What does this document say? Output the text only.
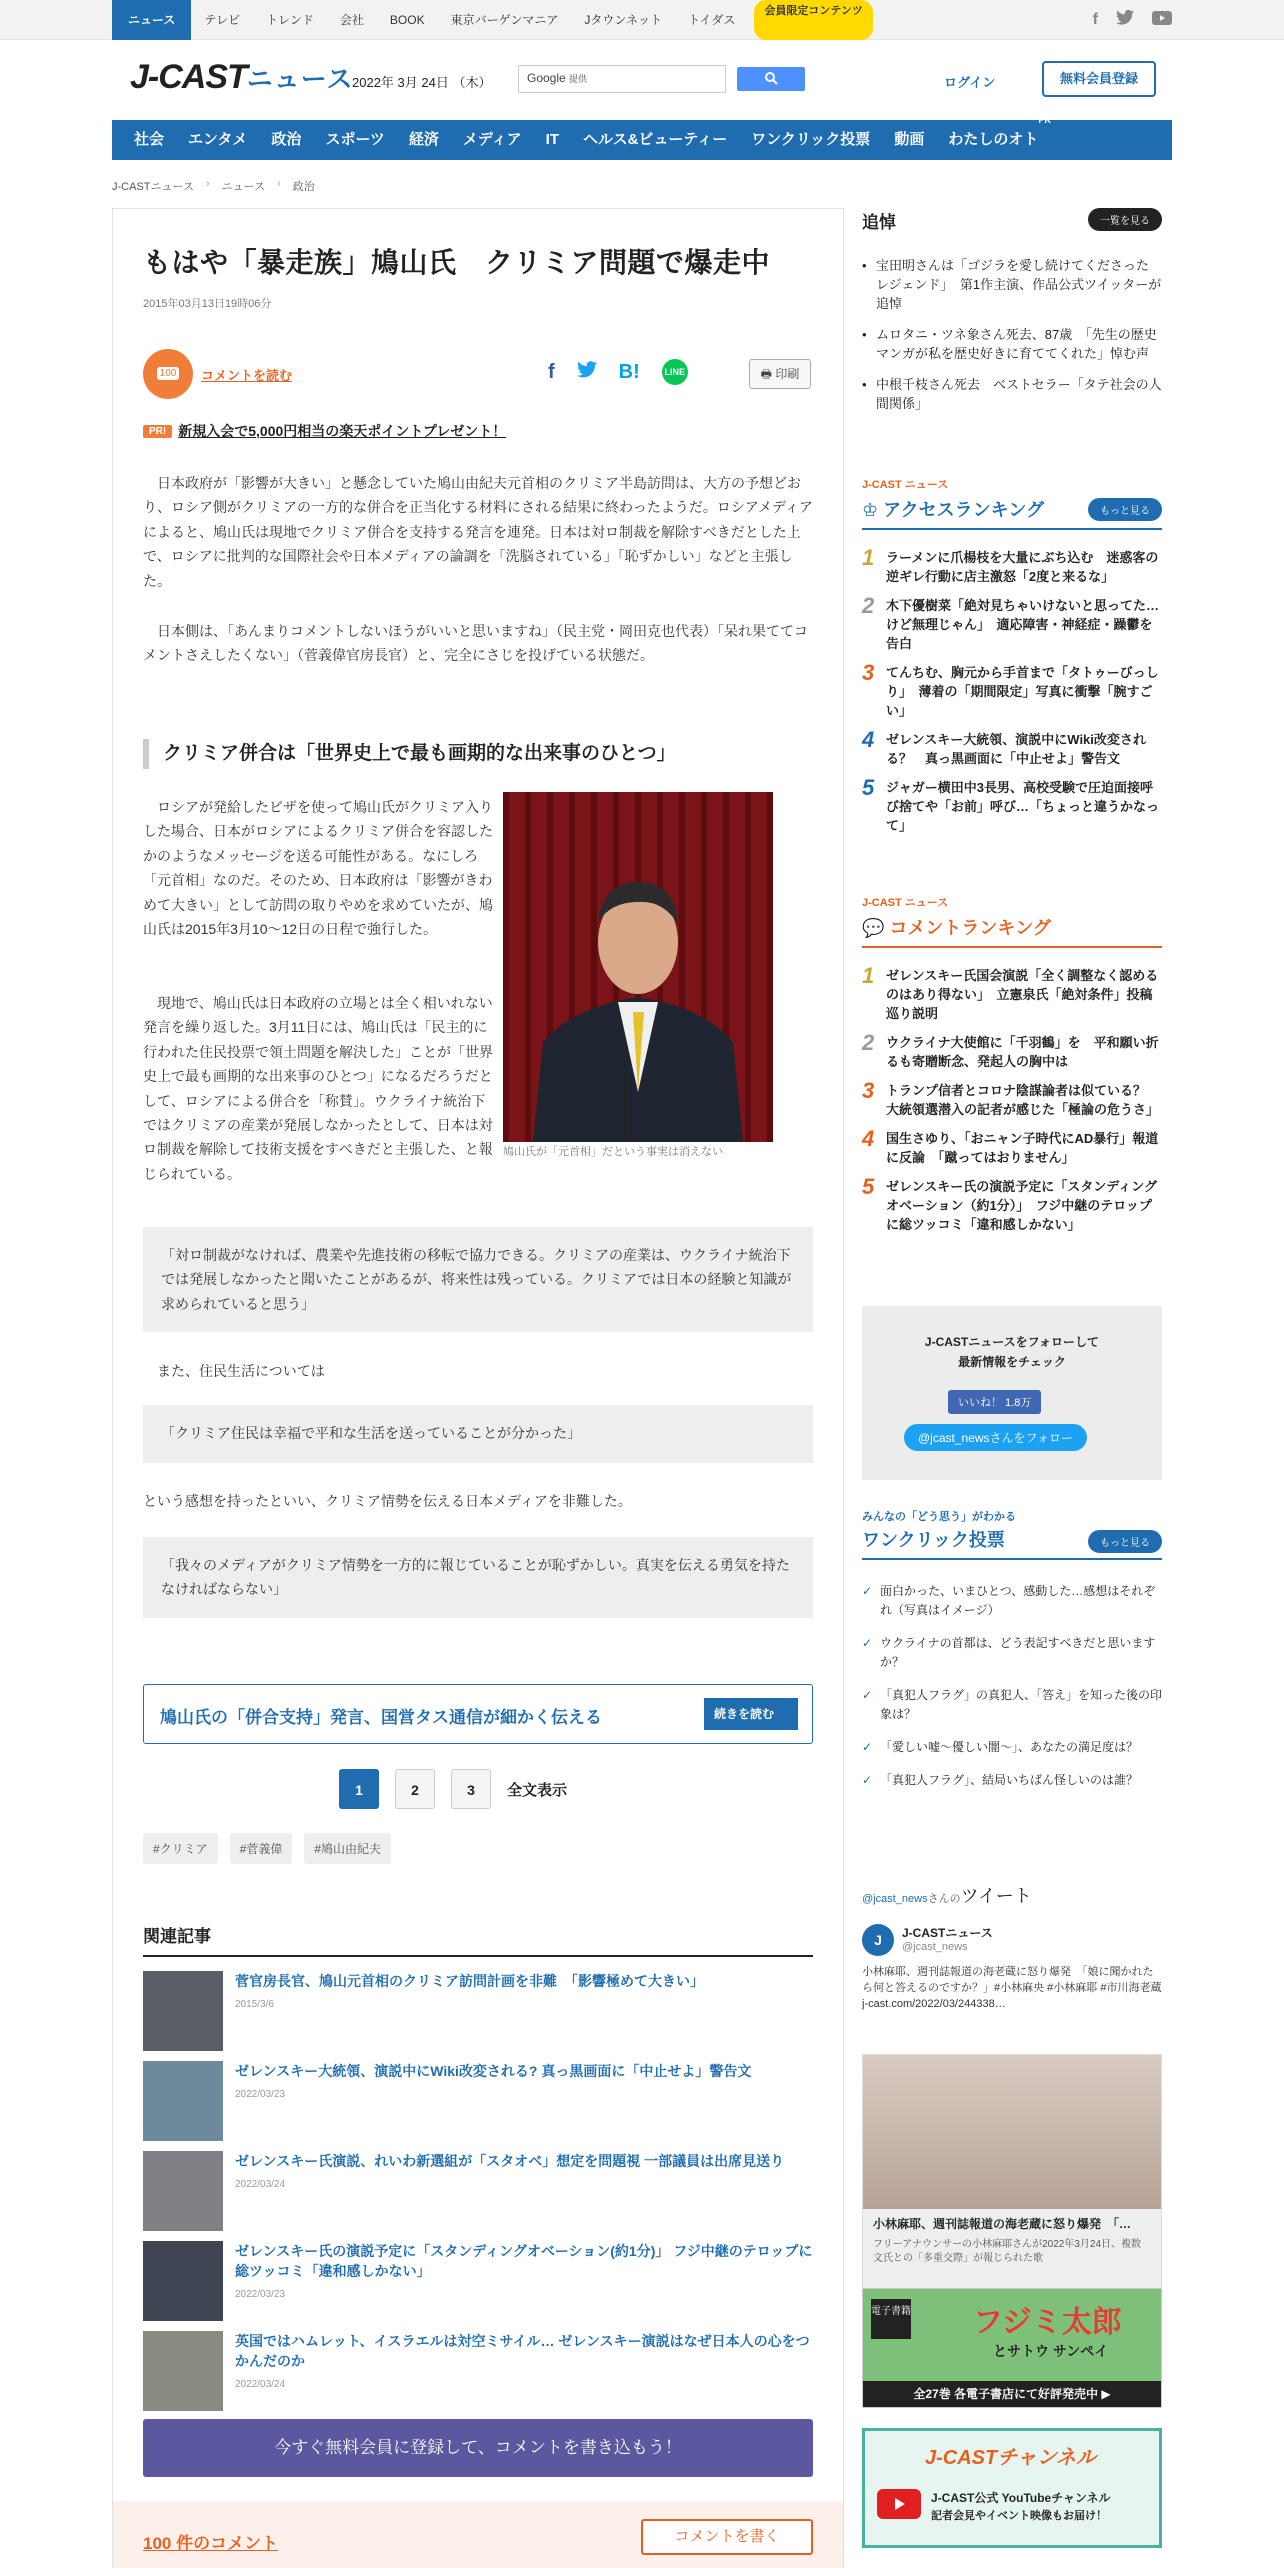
ニュース	テレビ	トレンド	会社	BOOK	東京バーゲンマニア	Jタウンネット	トイダス
会員限定コンテンツ	f
J-CASTニュース
2022年 3月 24日 （木）	Google 提供	ログイン	無料会員登録
社会	エンタメ	政治	スポーツ	経済	メディア	IT	ヘルス&ビューティー	ワンクリック投票	動画	わたしのオト$^{PR}$
J-CASTニュース › ニュース › 政治
もはや「暴走族」鳩山氏　クリミア問題で爆走中
2015年03月13日19時06分
100	コメントを読む	f	B!	LINE	🖶 印刷
PR! 新規入会で5,000円相当の楽天ポイントプレゼント！

日本政府が「影響が大きい」と懸念していた鳩山由紀夫元首相のクリミア半島訪問は、大方の予想どおり、ロシア側がクリミアの一方的な併合を正当化する材料にされる結果に終わったようだ。ロシアメディアによると、鳩山氏は現地でクリミア併合を支持する発言を連発。日本は対ロ制裁を解除すべきだとした上で、ロシアに批判的な国際社会や日本メディアの論調を「洗脳されている」「恥ずかしい」などと主張した。

日本側は、「あんまりコメントしないほうがいいと思いますね」（民主党・岡田克也代表）「呆れ果ててコメントさえしたくない」（菅義偉官房長官）と、完全にさじを投げている状態だ。

クリミア併合は「世界史上で最も画期的な出来事のひとつ」

ロシアが発給したビザを使って鳩山氏がクリミア入りした場合、日本がロシアによるクリミア併合を容認したかのようなメッセージを送る可能性がある。なにしろ「元首相」なのだ。そのため、日本政府は「影響がきわめて大きい」として訪問の取りやめを求めていたが、鳩山氏は2015年3月10～12日の日程で強行した。

現地で、鳩山氏は日本政府の立場とは全く相いれない発言を繰り返した。3月11日には、鳩山氏は「民主的に行われた住民投票で領土問題を解決した」ことが「世界史上で最も画期的な出来事のひとつ」になるだろうだとして、ロシアによる併合を「称賛」。ウクライナ統治下ではクリミアの産業が発展しなかったとして、日本は対ロ制裁を解除して技術支援をすべきだと主張した、と報じられている。

鳩山氏が「元首相」だという事実は消えない
「対ロ制裁がなければ、農業や先進技術の移転で協力できる。クリミアの産業は、ウクライナ統治下では発展しなかったと聞いたことがあるが、将来性は残っている。クリミアでは日本の経験と知識が求められていると思う」

また、住民生活については

「クリミア住民は幸福で平和な生活を送っていることが分かった」

という感想を持ったといい、クリミア情勢を伝える日本メディアを非難した。

「我々のメディアがクリミア情勢を一方的に報じていることが恥ずかしい。真実を伝える勇気を持たなければならない」
鳩山氏の「併合支持」発言、国営タス通信が細かく伝える	続きを読む
1	2	3	全文表示
#クリミア	#菅義偉	#鳩山由紀夫
関連記事
菅官房長官、鳩山元首相のクリミア訪問計画を非難　「影響極めて大きい」
2015/3/6
ゼレンスキー大統領、演説中にWiki改変される? 真っ黒画面に「中止せよ」警告文
2022/03/23
ゼレンスキー氏演説、れいわ新選組が「スタオベ」想定を問題視 一部議員は出席見送り
2022/03/24
ゼレンスキー氏の演説予定に「スタンディングオベーション(約1分)」 フジ中継のテロップに総ツッコミ「違和感しかない」
2022/03/23
英国ではハムレット、イスラエルは対空ミサイル… ゼレンスキー演説はなぜ日本人の心をつかんだのか
2022/03/24
今すぐ無料会員に登録して、コメントを書き込もう！
100 件のコメント	コメントを書く
追悼	一覧を見る
• 宝田明さんは「ゴジラを愛し続けてくださったレジェンド」　第1作主演、作品公式ツイッターが追悼
• ムロタニ・ツネ象さん死去、87歳　「先生の歴史マンガが私を歴史好きに育ててくれた」悼む声
• 中根千枝さん死去　ベストセラー「タテ社会の人間関係」
J-CAST ニュース
♔ アクセスランキング	もっと見る
1 ラーメンに爪楊枝を大量にぶち込む　迷惑客の逆ギレ行動に店主激怒「2度と来るな」
2 木下優樹菜「絶対見ちゃいけないと思ってた…けど無理じゃん」　適応障害・神経症・躁鬱を告白
3 てんちむ、胸元から手首まで「タトゥーびっしり」　薄着の「期間限定」写真に衝撃「腕すごい」
4 ゼレンスキー大統領、演説中にWiki改変される？　真っ黒画面に「中止せよ」警告文
5 ジャガー横田中3長男、高校受験で圧迫面接呼び捨てや「お前」呼び…「ちょっと違うかなって」
J-CAST ニュース
💬 コメントランキング
1 ゼレンスキー氏国会演説「全く調整なく認めるのはあり得ない」　立憲泉氏「絶対条件」投稿巡り説明
2 ウクライナ大使館に「千羽鶴」を　平和願い折るも寄贈断念、発起人の胸中は
3 トランプ信者とコロナ陰謀論者は似ている？　大統領選潜入の記者が感じた「極論の危うさ」
4 国生さゆり、「おニャン子時代にAD暴行」報道に反論　「蹴ってはおりません」
5 ゼレンスキー氏の演説予定に「スタンディングオベーション（約1分）」　フジ中継のテロップに総ツッコミ「違和感しかない」
J-CASTニュースをフォローして
最新情報をチェック
いいね！ 1.8万
@jcast_newsさんをフォロー
みんなの「どう思う」がわかる
ワンクリック投票	もっと見る
✓ 面白かった、いまひとつ、感動した…感想はそれぞれ（写真はイメージ）
✓ ウクライナの首都は、どう表記すべきだと思いますか？
✓ 「真犯人フラグ」の真犯人、「答え」を知った後の印象は？
✓ 「愛しい嘘～優しい闇～」、あなたの満足度は？
✓ 「真犯人フラグ」、結局いちばん怪しいのは誰？
@jcast_newsさんのツイート
J	J-CASTニュース
@jcast_news
小林麻耶、週刊誌報道の海老蔵に怒り爆発　「娘に聞かれたら何と答えるのですか？」#小林麻央 #小林麻耶 #市川海老蔵 j-cast.com/2022/03/244338…
小林麻耶、週刊誌報道の海老蔵に怒り爆発　「…
フリーアナウンサーの小林麻耶さんが2022年3月24日、複数文氏との「多重交際」が報じられた歌
電子書籍 フジミ太郎
とサトウ サンペイ
全27巻 各電子書店にて好評発売中 ▶
J-CASTチャンネル
J-CAST公式 YouTubeチャンネル
記者会見やイベント映像もお届け！
